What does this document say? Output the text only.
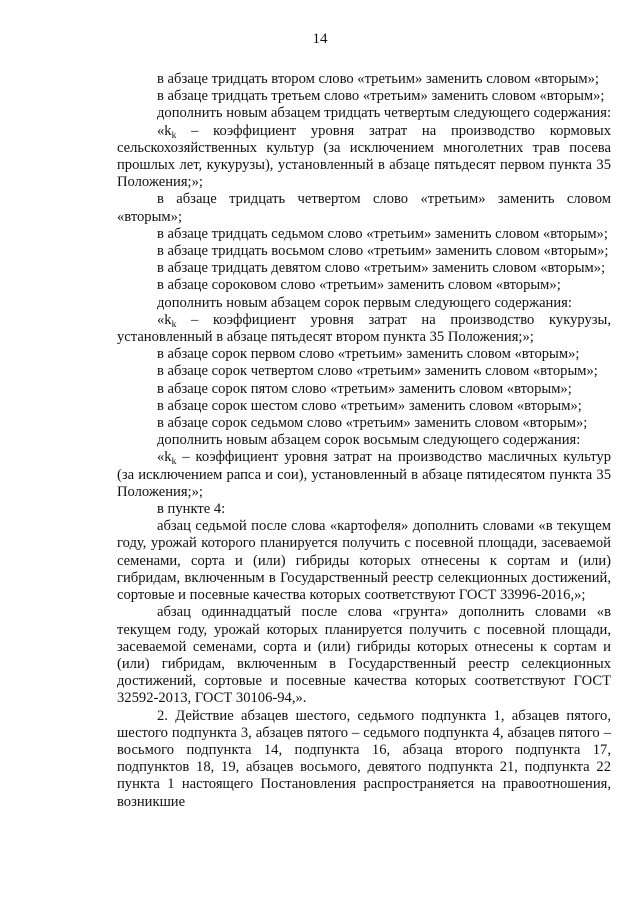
14

в абзаце тридцать втором слово «третьим» заменить словом «вторым»;

в абзаце тридцать третьем слово «третьим» заменить словом «вторым»;

дополнить новым абзацем тридцать четвертым следующего содержания:

«$k_k$ – коэффициент уровня затрат на производство кормовых сельскохозяйственных культур (за исключением многолетних трав посева прошлых лет, кукурузы), установленный в абзаце пятьдесят первом пункта 35 Положения;»;

в абзаце тридцать четвертом слово «третьим» заменить словом «вторым»;

в абзаце тридцать седьмом слово «третьим» заменить словом «вторым»;

в абзаце тридцать восьмом слово «третьим» заменить словом «вторым»;

в абзаце тридцать девятом слово «третьим» заменить словом «вторым»;

в абзаце сороковом слово «третьим» заменить словом «вторым»;

дополнить новым абзацем сорок первым следующего содержания:

«$k_k$ – коэффициент уровня затрат на производство кукурузы, установленный в абзаце пятьдесят втором пункта 35 Положения;»;

в абзаце сорок первом слово «третьим» заменить словом «вторым»;

в абзаце сорок четвертом слово «третьим» заменить словом «вторым»;

в абзаце сорок пятом слово «третьим» заменить словом «вторым»;

в абзаце сорок шестом слово «третьим» заменить словом «вторым»;

в абзаце сорок седьмом слово «третьим» заменить словом «вторым»;

дополнить новым абзацем сорок восьмым следующего содержания:

«$k_k$ – коэффициент уровня затрат на производство масличных культур (за исключением рапса и сои), установленный в абзаце пятидесятом пункта 35 Положения;»;

в пункте 4:

абзац седьмой после слова «картофеля» дополнить словами «в текущем году, урожай которого планируется получить с посевной площади, засеваемой семенами, сорта и (или) гибриды которых отнесены к сортам и (или) гибридам, включенным в Государственный реестр селекционных достижений, сортовые и посевные качества которых соответствуют ГОСТ 33996-2016,»;

абзац одиннадцатый после слова «грунта» дополнить словами «в текущем году, урожай которых планируется получить с посевной площади, засеваемой семенами, сорта и (или) гибриды которых отнесены к сортам и (или) гибридам, включенным в Государственный реестр селекционных достижений, сортовые и посевные качества которых соответствуют ГОСТ 32592-2013, ГОСТ 30106-94,».

2. Действие абзацев шестого, седьмого подпункта 1, абзацев пятого, шестого подпункта 3, абзацев пятого – седьмого подпункта 4, абзацев пятого – восьмого подпункта 14, подпункта 16, абзаца второго подпункта 17, подпунктов 18, 19, абзацев восьмого, девятого подпункта 21, подпункта 22 пункта 1 настоящего Постановления распространяется на правоотношения, возникшие
